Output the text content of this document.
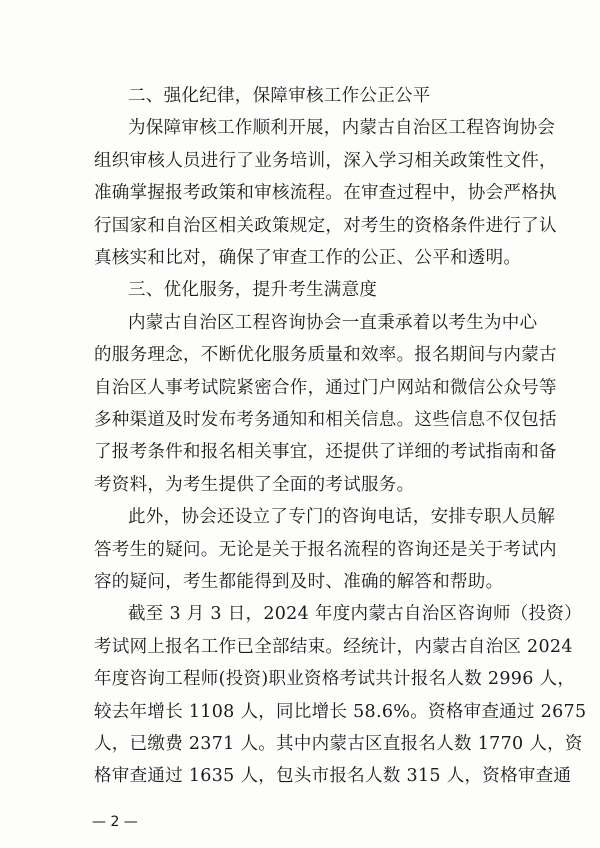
二、强化纪律，保障审核工作公正公平
为保障审核工作顺利开展，内蒙古自治区工程咨询协会
组织审核人员进行了业务培训，深入学习相关政策性文件，
准确掌握报考政策和审核流程。在审查过程中，协会严格执
行国家和自治区相关政策规定，对考生的资格条件进行了认
真核实和比对，确保了审查工作的公正、公平和透明。
三、优化服务，提升考生满意度
内蒙古自治区工程咨询协会一直秉承着以考生为中心
的服务理念，不断优化服务质量和效率。报名期间与内蒙古
自治区人事考试院紧密合作，通过门户网站和微信公众号等
多种渠道及时发布考务通知和相关信息。这些信息不仅包括
了报考条件和报名相关事宜，还提供了详细的考试指南和备
考资料，为考生提供了全面的考试服务。
此外，协会还设立了专门的咨询电话，安排专职人员解
答考生的疑问。无论是关于报名流程的咨询还是关于考试内
容的疑问，考生都能得到及时、准确的解答和帮助。
截至 3 月 3 日，2024 年度内蒙古自治区咨询师（投资）
考试网上报名工作已全部结束。经统计，内蒙古自治区 2024
年度咨询工程师(投资)职业资格考试共计报名人数 2996 人，
较去年增长 1108 人，同比增长 58.6%。资格审查通过 2675
人，已缴费 2371 人。其中内蒙古区直报名人数 1770 人，资
格审查通过 1635 人，包头市报名人数 315 人，资格审查通
— 2 —
